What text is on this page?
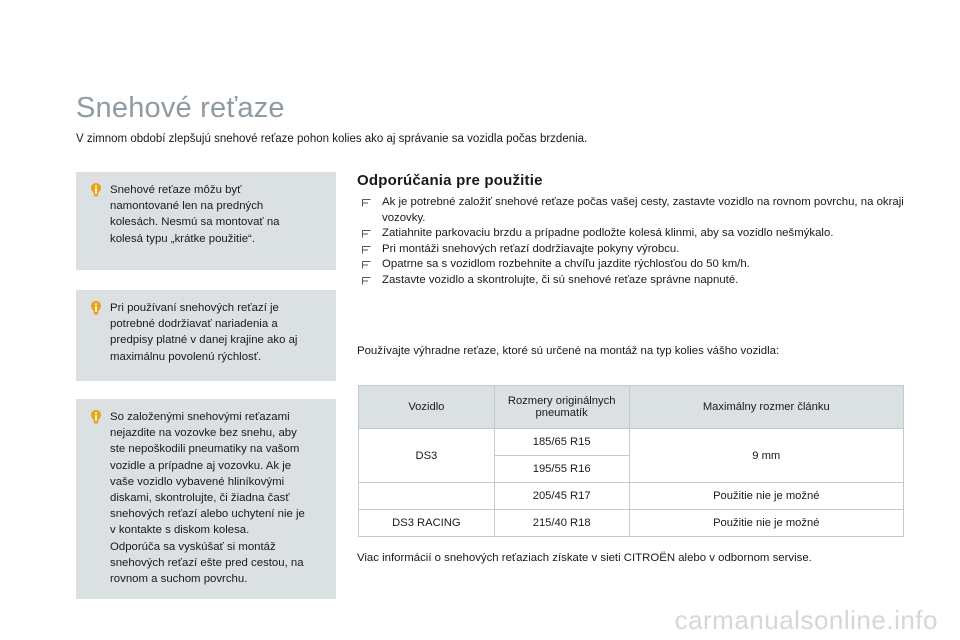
Snehové reťaze

V zimnom období zlepšujú snehové reťaze pohon kolies ako aj správanie sa vozidla počas brzdenia.

Snehové reťaze môžu byť
namontované len na predných
kolesách. Nesmú sa montovať na
kolesá typu „krátke použitie“.
Pri používaní snehových reťazí je
potrebné dodržiavať nariadenia a
predpisy platné v danej krajine ako aj
maximálnu povolenú rýchlosť.
So založenými snehovými reťazami
nejazdite na vozovke bez snehu, aby
ste nepoškodili pneumatiky na vašom
vozidle a prípadne aj vozovku. Ak je
vaše vozidlo vybavené hliníkovými
diskami, skontrolujte, či žiadna časť
snehových reťazí alebo uchytení nie je
v kontakte s diskom kolesa.
Odporúča sa vyskúšať si montáž
snehových reťazí ešte pred cestou, na
rovnom a suchom povrchu.
Odporúčania pre použitie
Ak je potrebné založiť snehové reťaze počas vašej cesty, zastavte vozidlo na rovnom povrchu, na okraji vozovky.
Zatiahnite parkovaciu brzdu a prípadne podložte kolesá klinmi, aby sa vozidlo nešmýkalo.
Pri montáži snehových reťazí dodržiavajte pokyny výrobcu.
Opatrne sa s vozidlom rozbehnite a chvíľu jazdite rýchlosťou do 50 km/h.
Zastavte vozidlo a skontrolujte, či sú snehové reťaze správne napnuté.

Používajte výhradne reťaze, ktoré sú určené na montáž na typ kolies vášho vozidla:

Vozidlo	Rozmery originálnych pneumatík	Maximálny rozmer článku
DS3	185/65 R15	9 mm
	195/55 R16	
	205/45 R17	Použitie nie je možné
DS3 RACING	215/40 R18	Použitie nie je možné

Viac informácií o snehových reťaziach získate v sieti CITROËN alebo v odbornom servise.

carmanualsonline.info
